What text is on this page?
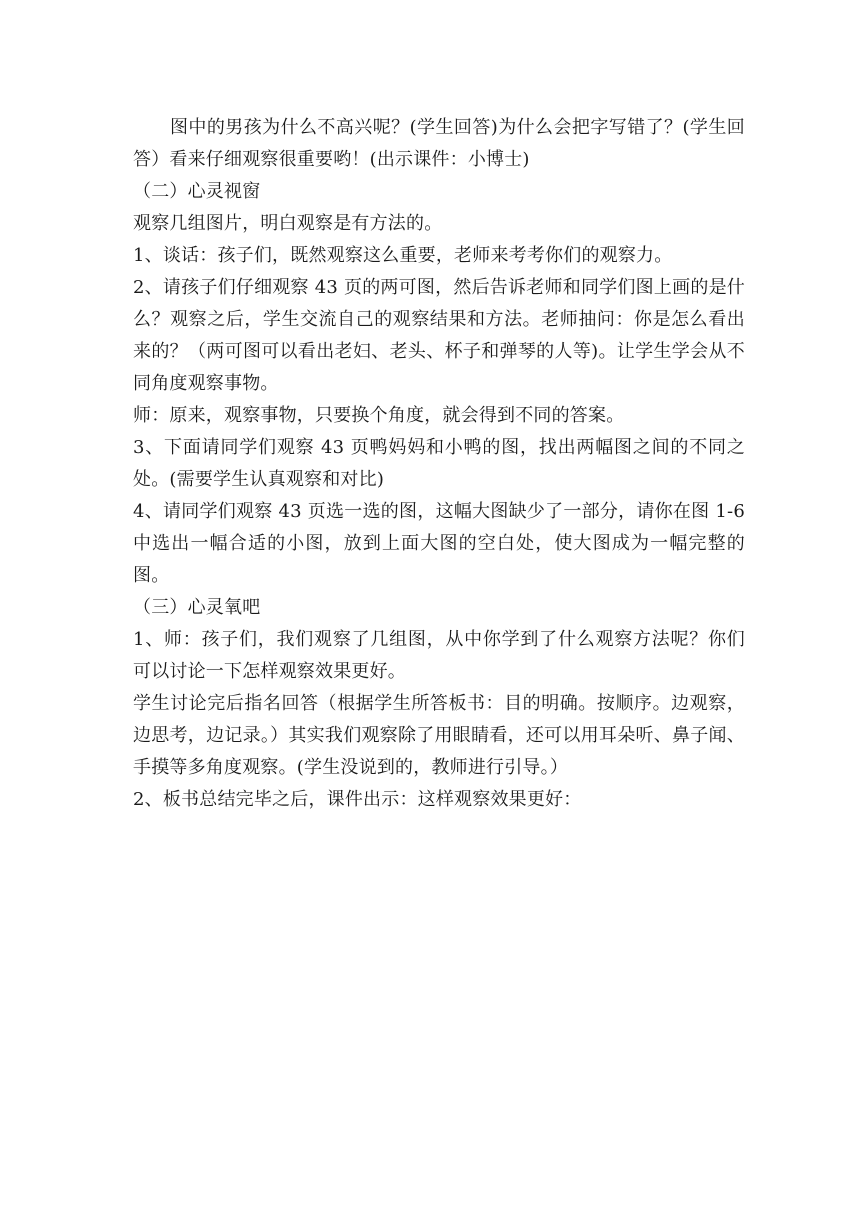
图中的男孩为什么不高兴呢？(学生回答)为什么会把字写错了？(学生回答）看来仔细观察很重要哟！(出示课件：小博士)

（二）心灵视窗

观察几组图片，明白观察是有方法的。

1、谈话：孩子们，既然观察这么重要，老师来考考你们的观察力。

2、请孩子们仔细观察 43 页的两可图，然后告诉老师和同学们图上画的是什么？观察之后，学生交流自己的观察结果和方法。老师抽问：你是怎么看出来的？（两可图可以看出老妇、老头、杯子和弹琴的人等)。让学生学会从不同角度观察事物。

师：原来，观察事物，只要换个角度，就会得到不同的答案。

3、下面请同学们观察 43 页鸭妈妈和小鸭的图，找出两幅图之间的不同之处。(需要学生认真观察和对比)

4、请同学们观察 43 页选一选的图，这幅大图缺少了一部分，请你在图 1-6 中选出一幅合适的小图，放到上面大图的空白处，使大图成为一幅完整的图。

（三）心灵氧吧

1、师：孩子们，我们观察了几组图，从中你学到了什么观察方法呢？你们可以讨论一下怎样观察效果更好。

学生讨论完后指名回答（根据学生所答板书：目的明确。按顺序。边观察，边思考，边记录。）其实我们观察除了用眼睛看，还可以用耳朵听、鼻子闻、手摸等多角度观察。(学生没说到的，教师进行引导。）

2、板书总结完毕之后，课件出示：这样观察效果更好：
